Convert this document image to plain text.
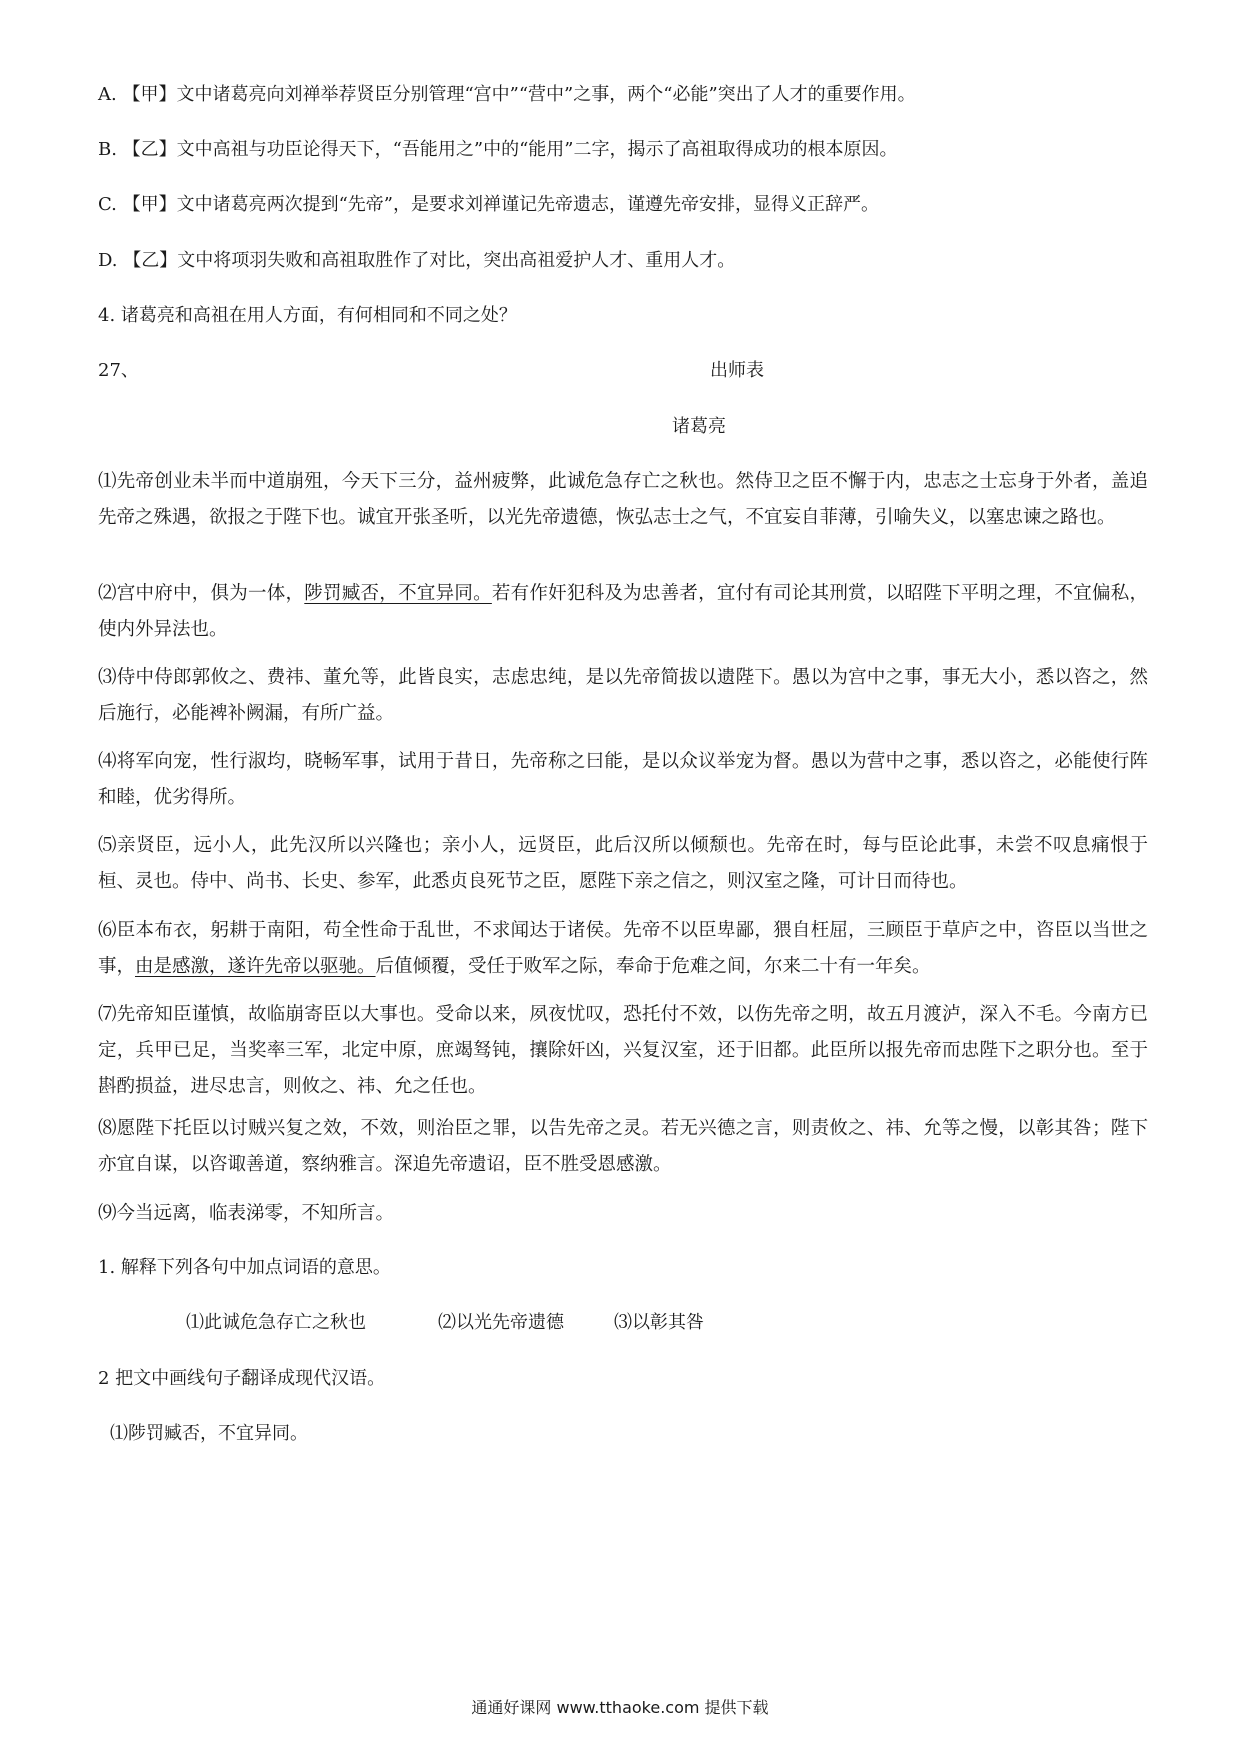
A. 【甲】文中诸葛亮向刘禅举荐贤臣分别管理“宫中”“营中”之事，两个“必能”突出了人才的重要作用。
B. 【乙】文中高祖与功臣论得天下，“吾能用之”中的“能用”二字，揭示了高祖取得成功的根本原因。
C. 【甲】文中诸葛亮两次提到“先帝”，是要求刘禅谨记先帝遗志，谨遵先帝安排，显得义正辞严。
D. 【乙】文中将项羽失败和高祖取胜作了对比，突出高祖爱护人才、重用人才。
4. 诸葛亮和高祖在用人方面，有何相同和不同之处？
27、	出师表
诸葛亮
⑴先帝创业未半而中道崩殂，今天下三分，益州疲弊，此诚危急存亡之秋也。然侍卫之臣不懈于内，忠志之士忘身于外者，盖追先帝之殊遇，欲报之于陛下也。诚宜开张圣听，以光先帝遗德，恢弘志士之气，不宜妄自菲薄，引喻失义，以塞忠谏之路也。
⑵宫中府中，俱为一体，陟罚臧否，不宜异同。若有作奸犯科及为忠善者，宜付有司论其刑赏，以昭陛下平明之理，不宜偏私，使内外异法也。
⑶侍中侍郎郭攸之、费祎、董允等，此皆良实，志虑忠纯，是以先帝简拔以遗陛下。愚以为宫中之事，事无大小，悉以咨之，然后施行，必能裨补阙漏，有所广益。
⑷将军向宠，性行淑均，晓畅军事，试用于昔日，先帝称之曰能，是以众议举宠为督。愚以为营中之事，悉以咨之，必能使行阵和睦，优劣得所。
⑸亲贤臣，远小人，此先汉所以兴隆也；亲小人，远贤臣，此后汉所以倾颓也。先帝在时，每与臣论此事，未尝不叹息痛恨于桓、灵也。侍中、尚书、长史、参军，此悉贞良死节之臣，愿陛下亲之信之，则汉室之隆，可计日而待也。
⑹臣本布衣，躬耕于南阳，苟全性命于乱世，不求闻达于诸侯。先帝不以臣卑鄙，猥自枉屈，三顾臣于草庐之中，咨臣以当世之事，由是感激，遂许先帝以驱驰。后值倾覆，受任于败军之际，奉命于危难之间，尔来二十有一年矣。
⑺先帝知臣谨慎，故临崩寄臣以大事也。受命以来，夙夜忧叹，恐托付不效，以伤先帝之明，故五月渡泸，深入不毛。今南方已定，兵甲已足，当奖率三军，北定中原，庶竭驽钝，攘除奸凶，兴复汉室，还于旧都。此臣所以报先帝而忠陛下之职分也。至于斟酌损益，进尽忠言，则攸之、祎、允之任也。
⑻愿陛下托臣以讨贼兴复之效，不效，则治臣之罪，以告先帝之灵。若无兴德之言，则责攸之、祎、允等之慢，以彰其咎；陛下亦宜自谋，以咨诹善道，察纳雅言。深追先帝遗诏，臣不胜受恩感激。
⑼今当远离，临表涕零，不知所言。
1. 解释下列各句中加点词语的意思。
⑴此诚危急存亡之秋也	⑵以光先帝遗德	⑶以彰其咎
2 把文中画线句子翻译成现代汉语。
⑴陟罚臧否，不宜异同。
通通好课网 www.tthaoke.com 提供下载
